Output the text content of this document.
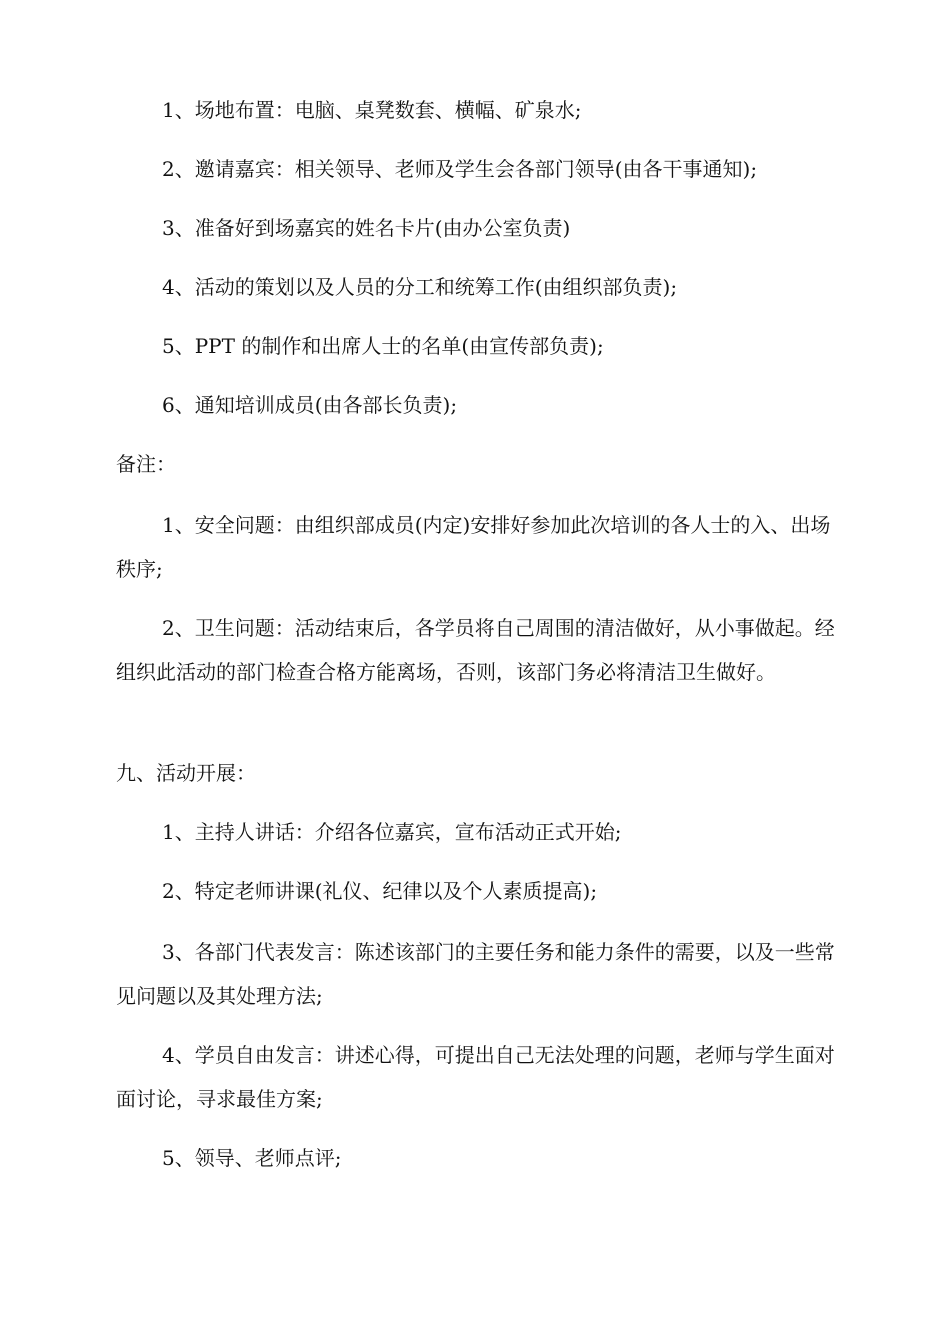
1、场地布置：电脑、桌凳数套、横幅、矿泉水;

2、邀请嘉宾：相关领导、老师及学生会各部门领导(由各干事通知);

3、准备好到场嘉宾的姓名卡片(由办公室负责)

4、活动的策划以及人员的分工和统筹工作(由组织部负责);

5、PPT 的制作和出席人士的名单(由宣传部负责);

6、通知培训成员(由各部长负责);

备注：

1、安全问题：由组织部成员(内定)安排好参加此次培训的各人士的入、出场秩序;

2、卫生问题：活动结束后，各学员将自己周围的清洁做好，从小事做起。经组织此活动的部门检查合格方能离场，否则，该部门务必将清洁卫生做好。

九、活动开展：

1、主持人讲话：介绍各位嘉宾，宣布活动正式开始;

2、特定老师讲课(礼仪、纪律以及个人素质提高);

3、各部门代表发言：陈述该部门的主要任务和能力条件的需要，以及一些常见问题以及其处理方法;

4、学员自由发言：讲述心得，可提出自己无法处理的问题，老师与学生面对面讨论，寻求最佳方案;

5、领导、老师点评;
